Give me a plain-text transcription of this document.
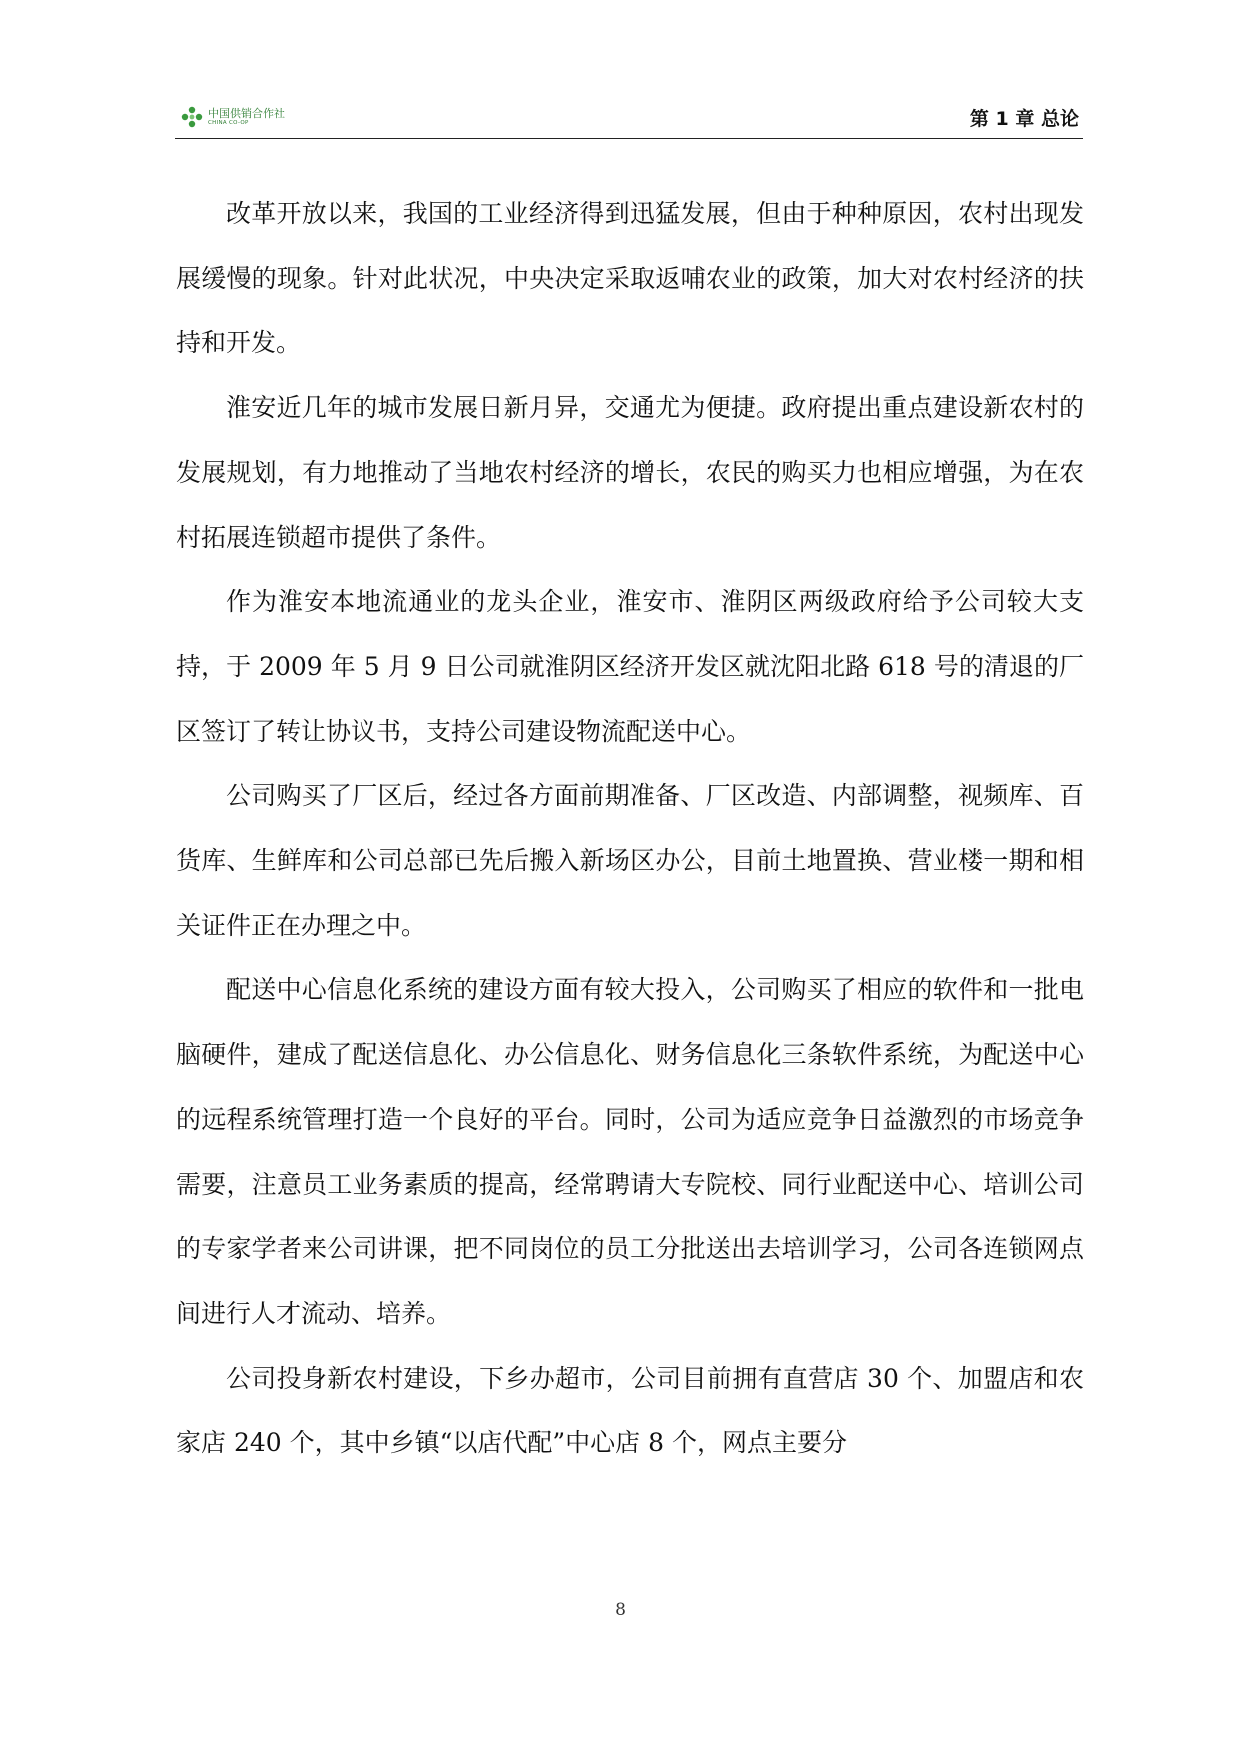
中国供销合作社
CHINA CO-OP	第 1 章 总论

改革开放以来，我国的工业经济得到迅猛发展，但由于种种原因，农村出现发展缓慢的现象。针对此状况，中央决定采取返哺农业的政策，加大对农村经济的扶持和开发。

淮安近几年的城市发展日新月异，交通尤为便捷。政府提出重点建设新农村的发展规划，有力地推动了当地农村经济的增长，农民的购买力也相应增强，为在农村拓展连锁超市提供了条件。

作为淮安本地流通业的龙头企业，淮安市、淮阴区两级政府给予公司较大支持，于 2009 年 5 月 9 日公司就淮阴区经济开发区就沈阳北路 618 号的清退的厂区签订了转让协议书，支持公司建设物流配送中心。

公司购买了厂区后，经过各方面前期准备、厂区改造、内部调整，视频库、百货库、生鲜库和公司总部已先后搬入新场区办公，目前土地置换、营业楼一期和相关证件正在办理之中。

配送中心信息化系统的建设方面有较大投入，公司购买了相应的软件和一批电脑硬件，建成了配送信息化、办公信息化、财务信息化三条软件系统，为配送中心的远程系统管理打造一个良好的平台。同时，公司为适应竞争日益激烈的市场竞争需要，注意员工业务素质的提高，经常聘请大专院校、同行业配送中心、培训公司的专家学者来公司讲课，把不同岗位的员工分批送出去培训学习，公司各连锁网点间进行人才流动、培养。

公司投身新农村建设，下乡办超市，公司目前拥有直营店 30 个、加盟店和农家店 240 个，其中乡镇“以店代配”中心店 8 个，网点主要分

8
